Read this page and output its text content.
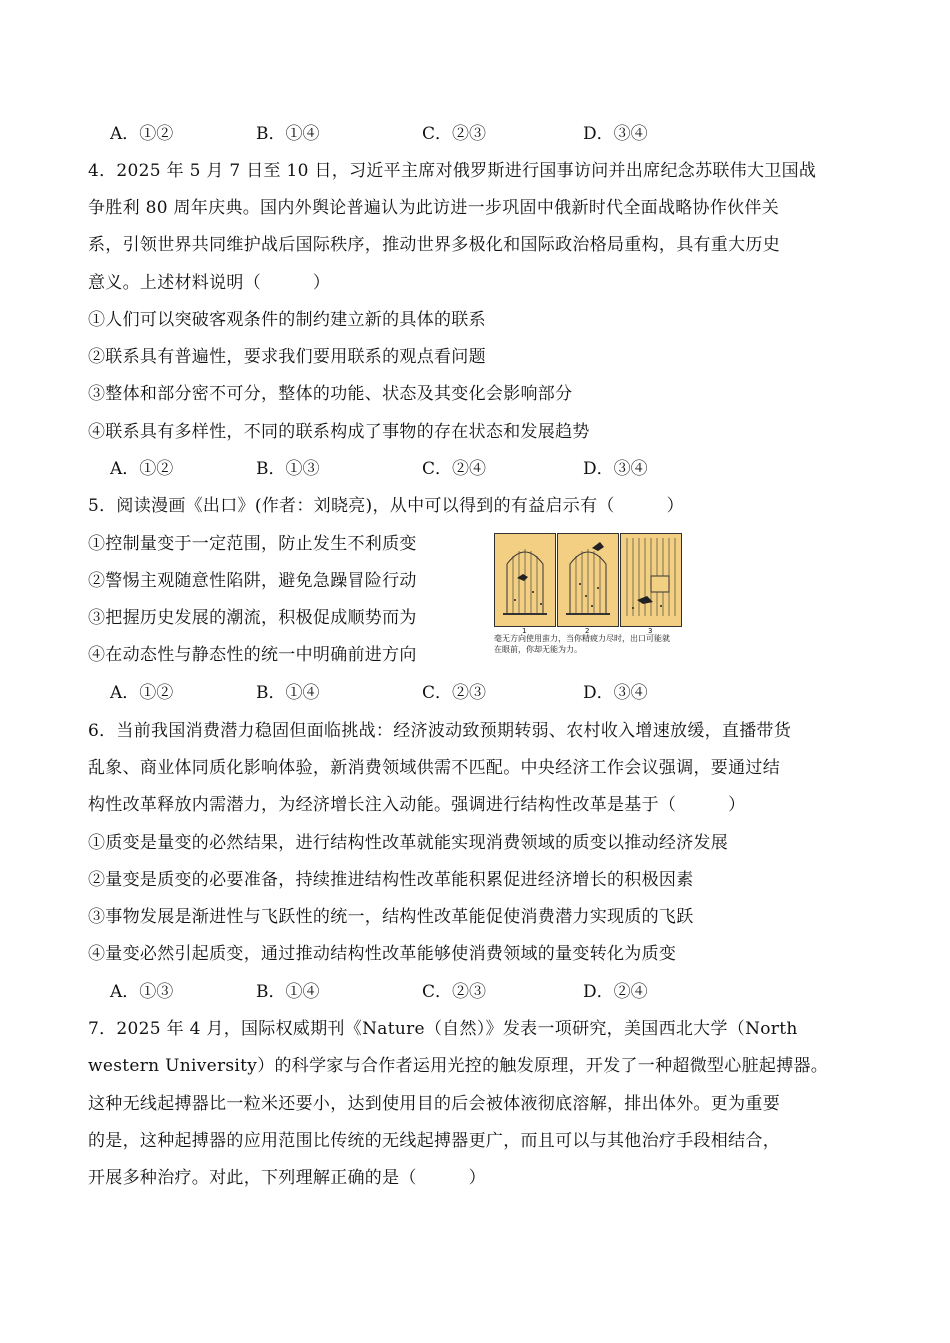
A．①②	B．①④	C．②③	D．③④
4．2025 年 5 月 7 日至 10 日，习近平主席对俄罗斯进行国事访问并出席纪念苏联伟大卫国战
争胜利 80 周年庆典。国内外舆论普遍认为此访进一步巩固中俄新时代全面战略协作伙伴关
系，引领世界共同维护战后国际秩序，推动世界多极化和国际政治格局重构，具有重大历史
意义。上述材料说明（　　　）
①人们可以突破客观条件的制约建立新的具体的联系
②联系具有普遍性，要求我们要用联系的观点看问题
③整体和部分密不可分，整体的功能、状态及其变化会影响部分
④联系具有多样性，不同的联系构成了事物的存在状态和发展趋势
A．①②	B．①③	C．②④	D．③④
5．阅读漫画《出口》(作者：刘晓亮)，从中可以得到的有益启示有（　　　）
①控制量变于一定范围，防止发生不利质变
②警惕主观随意性陷阱，避免急躁冒险行动
③把握历史发展的潮流，积极促成顺势而为
④在动态性与静态性的统一中明确前进方向
1	2	3
毫无方向使用蛮力，当你精疲力尽时，出口可能就
在眼前，你却无能为力。
A．①②	B．①④	C．②③	D．③④
6．当前我国消费潜力稳固但面临挑战：经济波动致预期转弱、农村收入增速放缓，直播带货
乱象、商业体同质化影响体验，新消费领域供需不匹配。中央经济工作会议强调，要通过结
构性改革释放内需潜力，为经济增长注入动能。强调进行结构性改革是基于（　　　）
①质变是量变的必然结果，进行结构性改革就能实现消费领域的质变以推动经济发展
②量变是质变的必要准备，持续推进结构性改革能积累促进经济增长的积极因素
③事物发展是渐进性与飞跃性的统一，结构性改革能促使消费潜力实现质的飞跃
④量变必然引起质变，通过推动结构性改革能够使消费领域的量变转化为质变
A．①③	B．①④	C．②③	D．②④
7．2025 年 4 月，国际权威期刊《Nature（自然）》发表一项研究，美国西北大学（North
western University）的科学家与合作者运用光控的触发原理，开发了一种超微型心脏起搏器。
这种无线起搏器比一粒米还要小，达到使用目的后会被体液彻底溶解，排出体外。更为重要
的是，这种起搏器的应用范围比传统的无线起搏器更广，而且可以与其他治疗手段相结合，
开展多种治疗。对此，下列理解正确的是（　　　）
